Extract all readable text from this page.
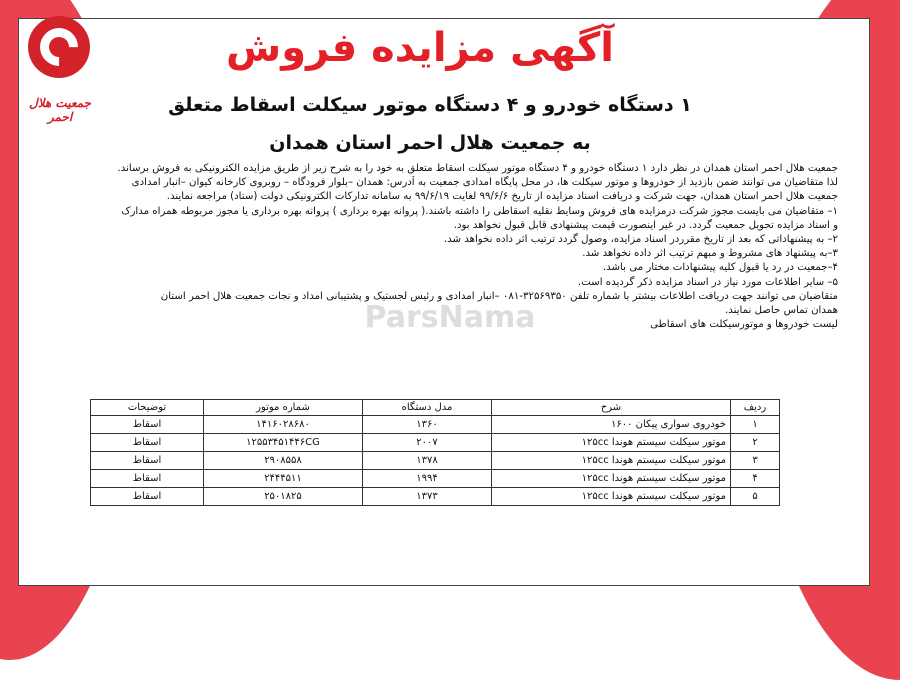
جمعیت هلال احمر
آگهی مزایده فروش
۱ دستگاه خودرو و ۴ دستگاه موتور سیکلت اسقاط متعلق
به جمعیت هلال احمر استان همدان
ParsNama

جمعیت هلال احمر استان همدان در نظر دارد ۱ دستگاه خودرو و ۴ دستگاه موتور سیکلت اسقاط متعلق به خود را به شرح زیر از طریق مزایده الکترونیکی به فروش برساند.

لذا متقاضیان می توانند ضمن بازدید از خودروها و موتور سیکلت ها، در محل پایگاه امدادی جمعیت به آدرس: همدان –بلوار فرودگاه – روبروی کارخانه کیوان –انبار امدادی

جمعیت هلال احمر استان همدان، جهت شرکت و دریافت اسناد مزایده از تاریخ ۹۹/۶/۶ لغایت ۹۹/۶/۱۹ به سامانه تدارکات الکترونیکی دولت (ستاد) مراجعه نمایند.

۱– متقاضیان می بایست مجوز شرکت درمزایده های فروش وسایط نقلیه اسقاطی را داشته باشند.( پروانه بهره برداری ) پروانه بهره برداری یا مجوز مربوطه همراه مدارک

و اسناد مزایده تحویل جمعیت گردد. در غیر اینصورت قیمت پیشنهادی قابل قبول نخواهد بود.

۲– به پیشنهاداتی که بعد از تاریخ مقرردر اسناد مزایده، وصول گردد ترتیب اثر داده نخواهد شد.

۳–به پیشنهاد های مشروط و مبهم ترتیب اثر داده نخواهد شد.

۴–جمعیت در رد یا قبول کلیه پیشنهادات مختار می باشد.

۵– سایر اطلاعات مورد نیاز در اسناد مزایده ذکر گردیده است.

متقاضیان می توانند جهت دریافت اطلاعات بیشتر با شماره تلفن ۳۲۵۶۹۳۵۰-۰۸۱ –انبار امدادی و رئیس لجستیک و پشتیبانی امداد و نجات جمعیت هلال احمر استان

همدان تماس حاصل نمایند.

لیست خودروها و موتورسیکلت های اسقاطی

ردیف	شرح	مدل دستگاه	شماره موتور	توضیحات
۱	خودروی سواری پیکان ۱۶۰۰	۱۳۶۰	۱۴۱۶۰۲۸۶۸۰	اسقاط
۲	موتور سیکلت سیستم هوندا ۱۲۵cc	۲۰۰۷	۱۲۵۵۳۴۵۱۴۴۶CG	اسقاط
۳	موتور سیکلت سیستم هوندا ۱۲۵cc	۱۳۷۸	۲۹۰۸۵۵۸	اسقاط
۴	موتور سیکلت سیستم هوندا ۱۲۵cc	۱۹۹۴	۲۴۴۴۵۱۱	اسقاط
۵	موتور سیکلت سیستم هوندا ۱۲۵cc	۱۳۷۳	۲۵۰۱۸۲۵	اسقاط
